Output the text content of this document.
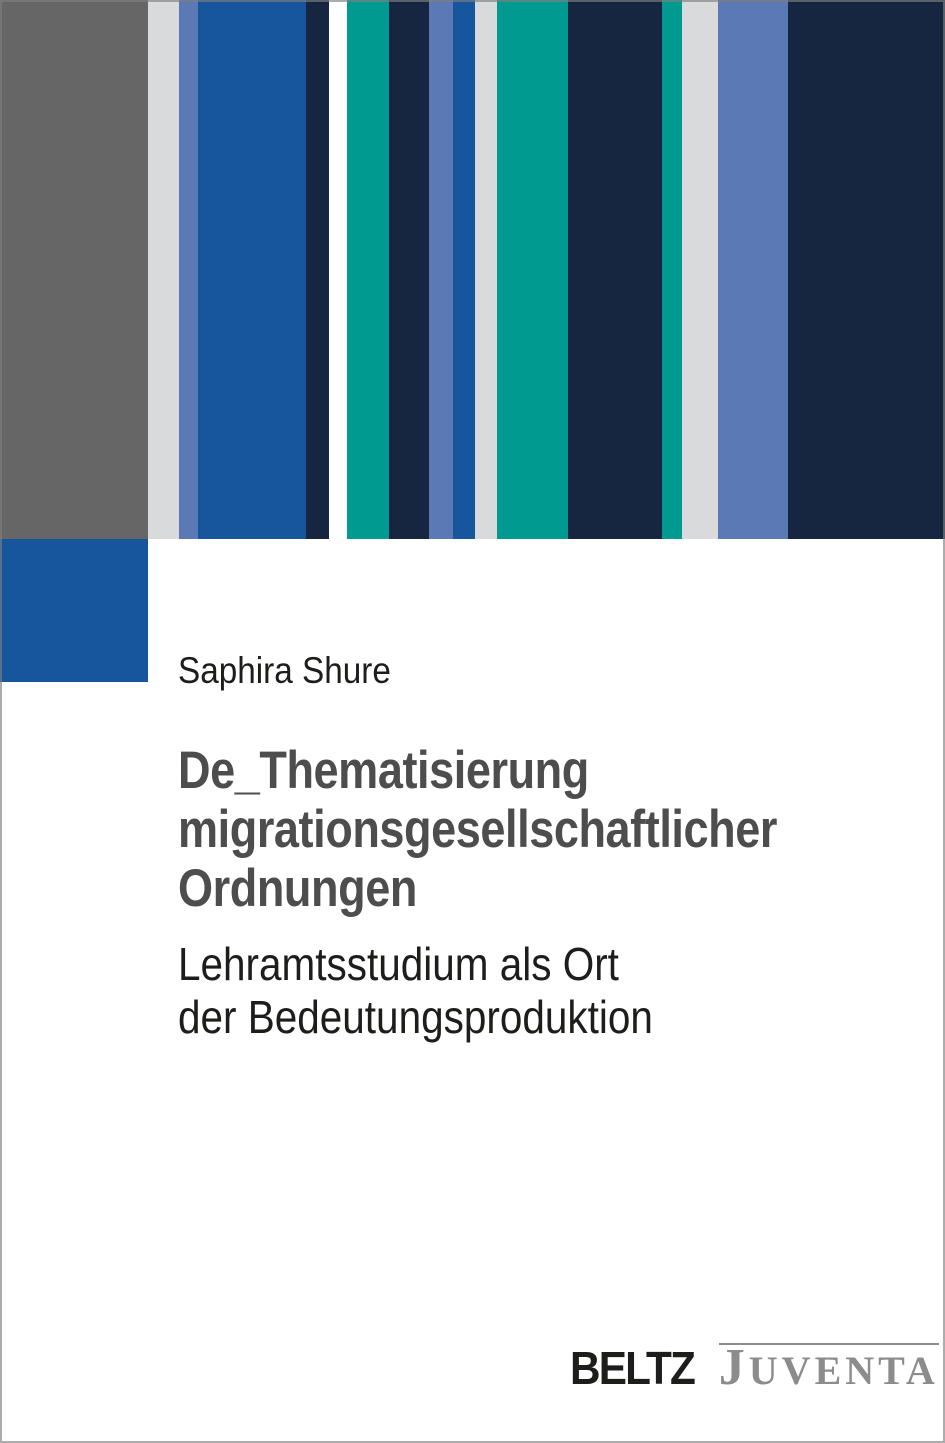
Saphira Shure
De_Thematisierung
migrationsgesellschaftlicher
Ordnungen
Lehramtsstudium als Ort
der Bedeutungsproduktion
BELTZ JUVENTA
